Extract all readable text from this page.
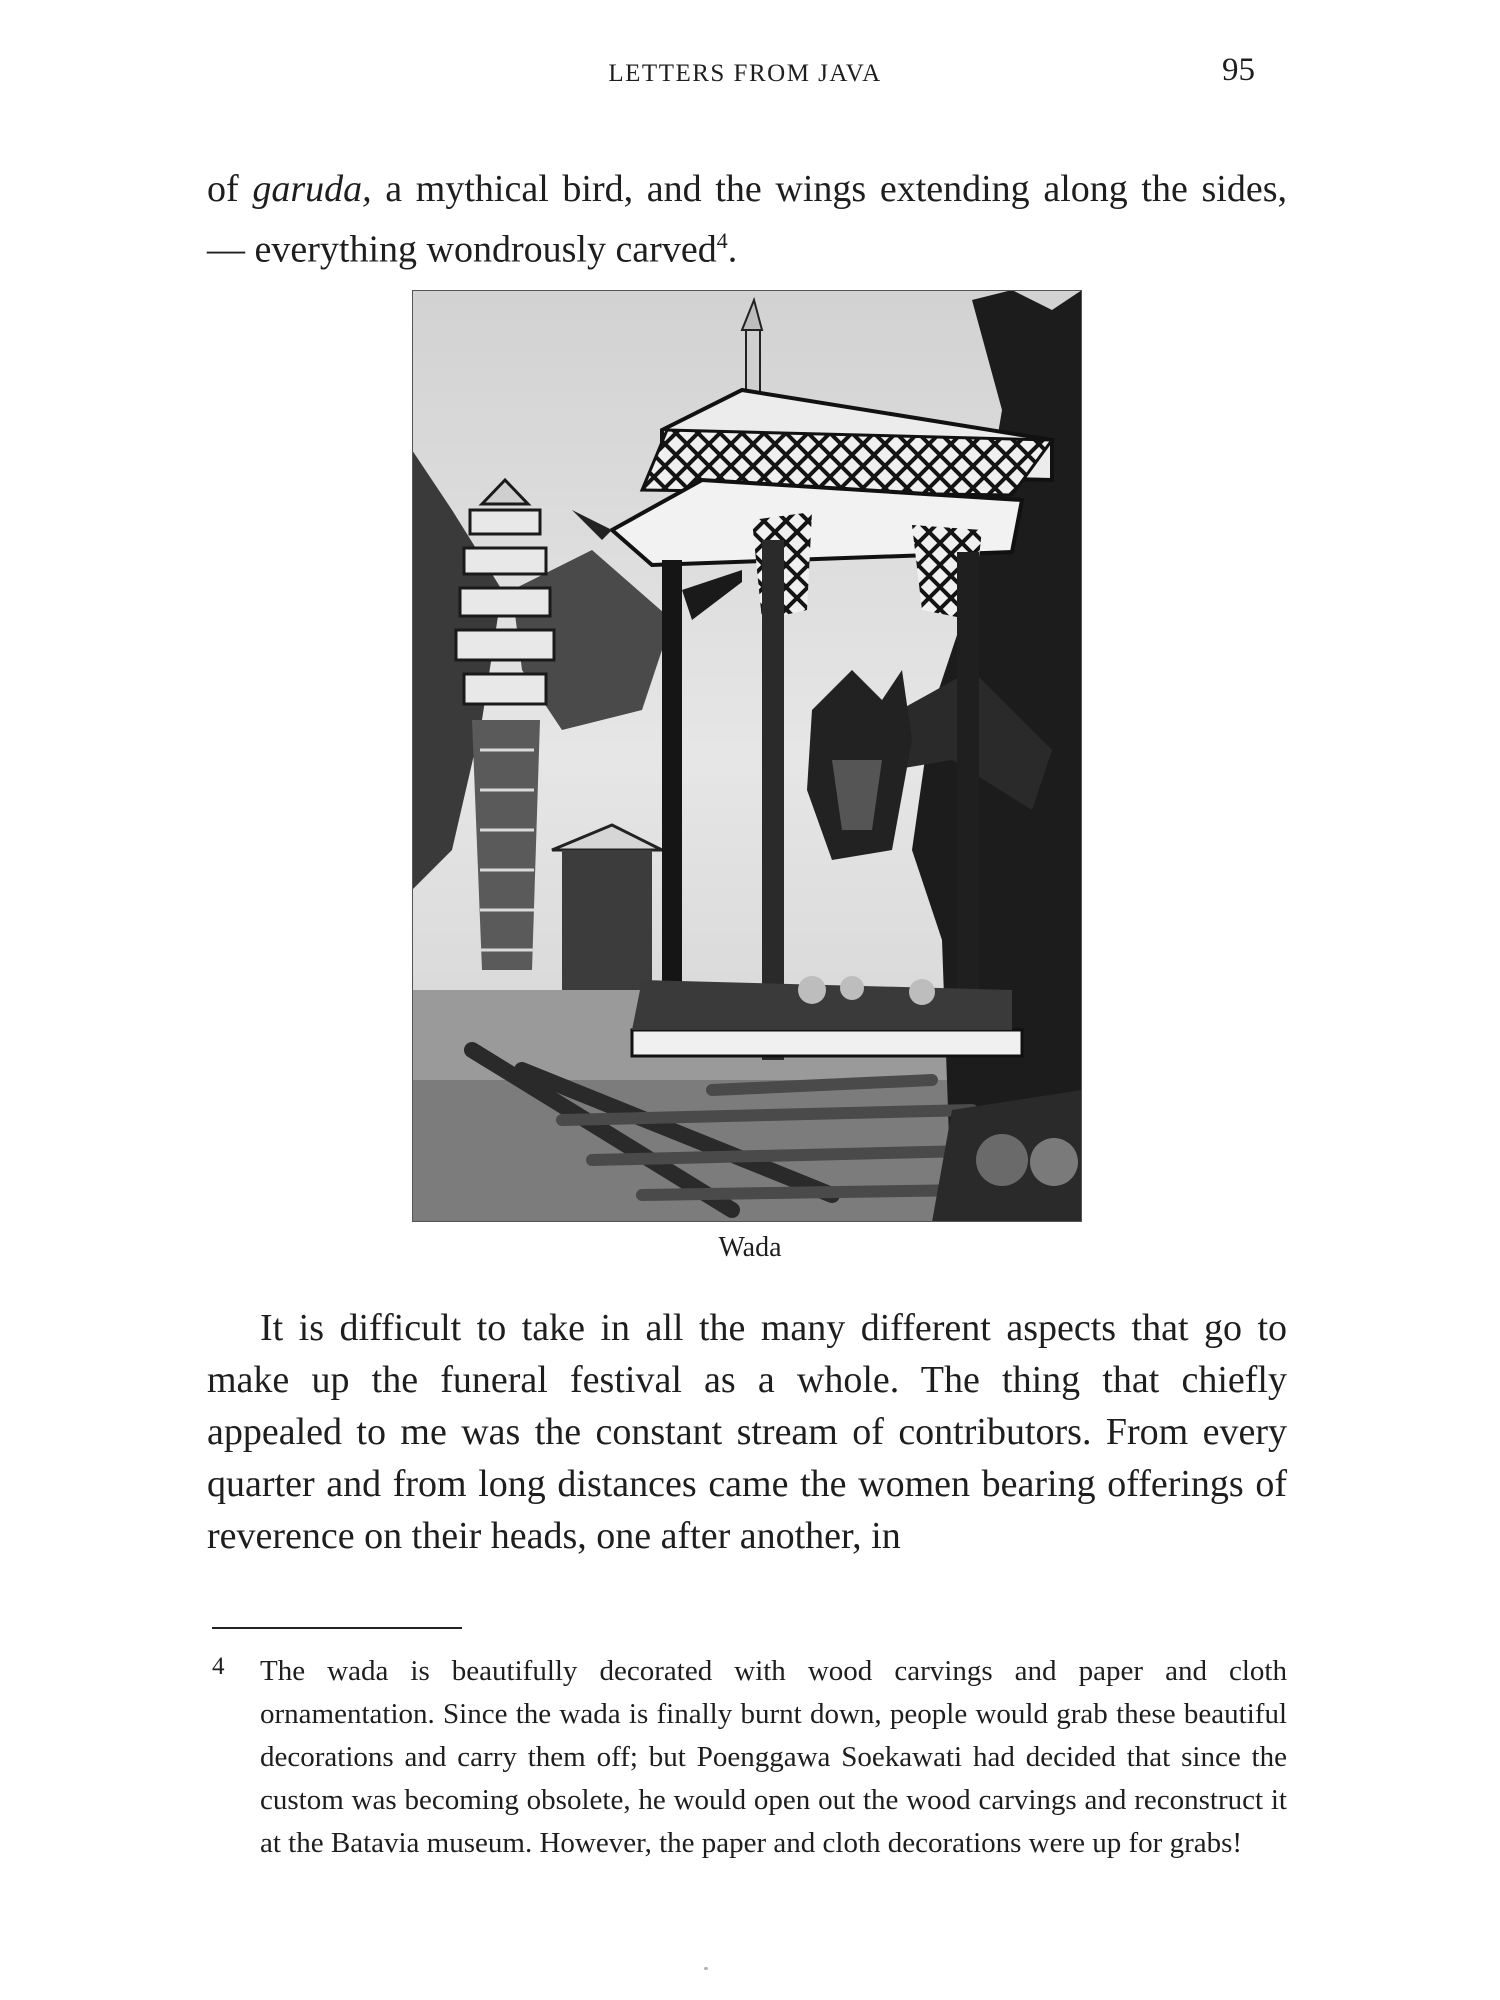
LETTERS FROM JAVA	95

of garuda, a mythical bird, and the wings extending along the sides, — everything wondrously carved$^4$.

Wada

It is difficult to take in all the many different aspects that go to make up the funeral festival as a whole. The thing that chiefly appealed to me was the constant stream of contributors. From every quarter and from long distances came the women bearing offerings of reverence on their heads, one after another, in

4 The wada is beautifully decorated with wood carvings and paper and cloth ornamentation. Since the wada is finally burnt down, people would grab these beautiful decorations and carry them off; but Poenggawa Soekawati had decided that since the custom was becoming obsolete, he would open out the wood carvings and reconstruct it at the Batavia museum. However, the paper and cloth decorations were up for grabs!
